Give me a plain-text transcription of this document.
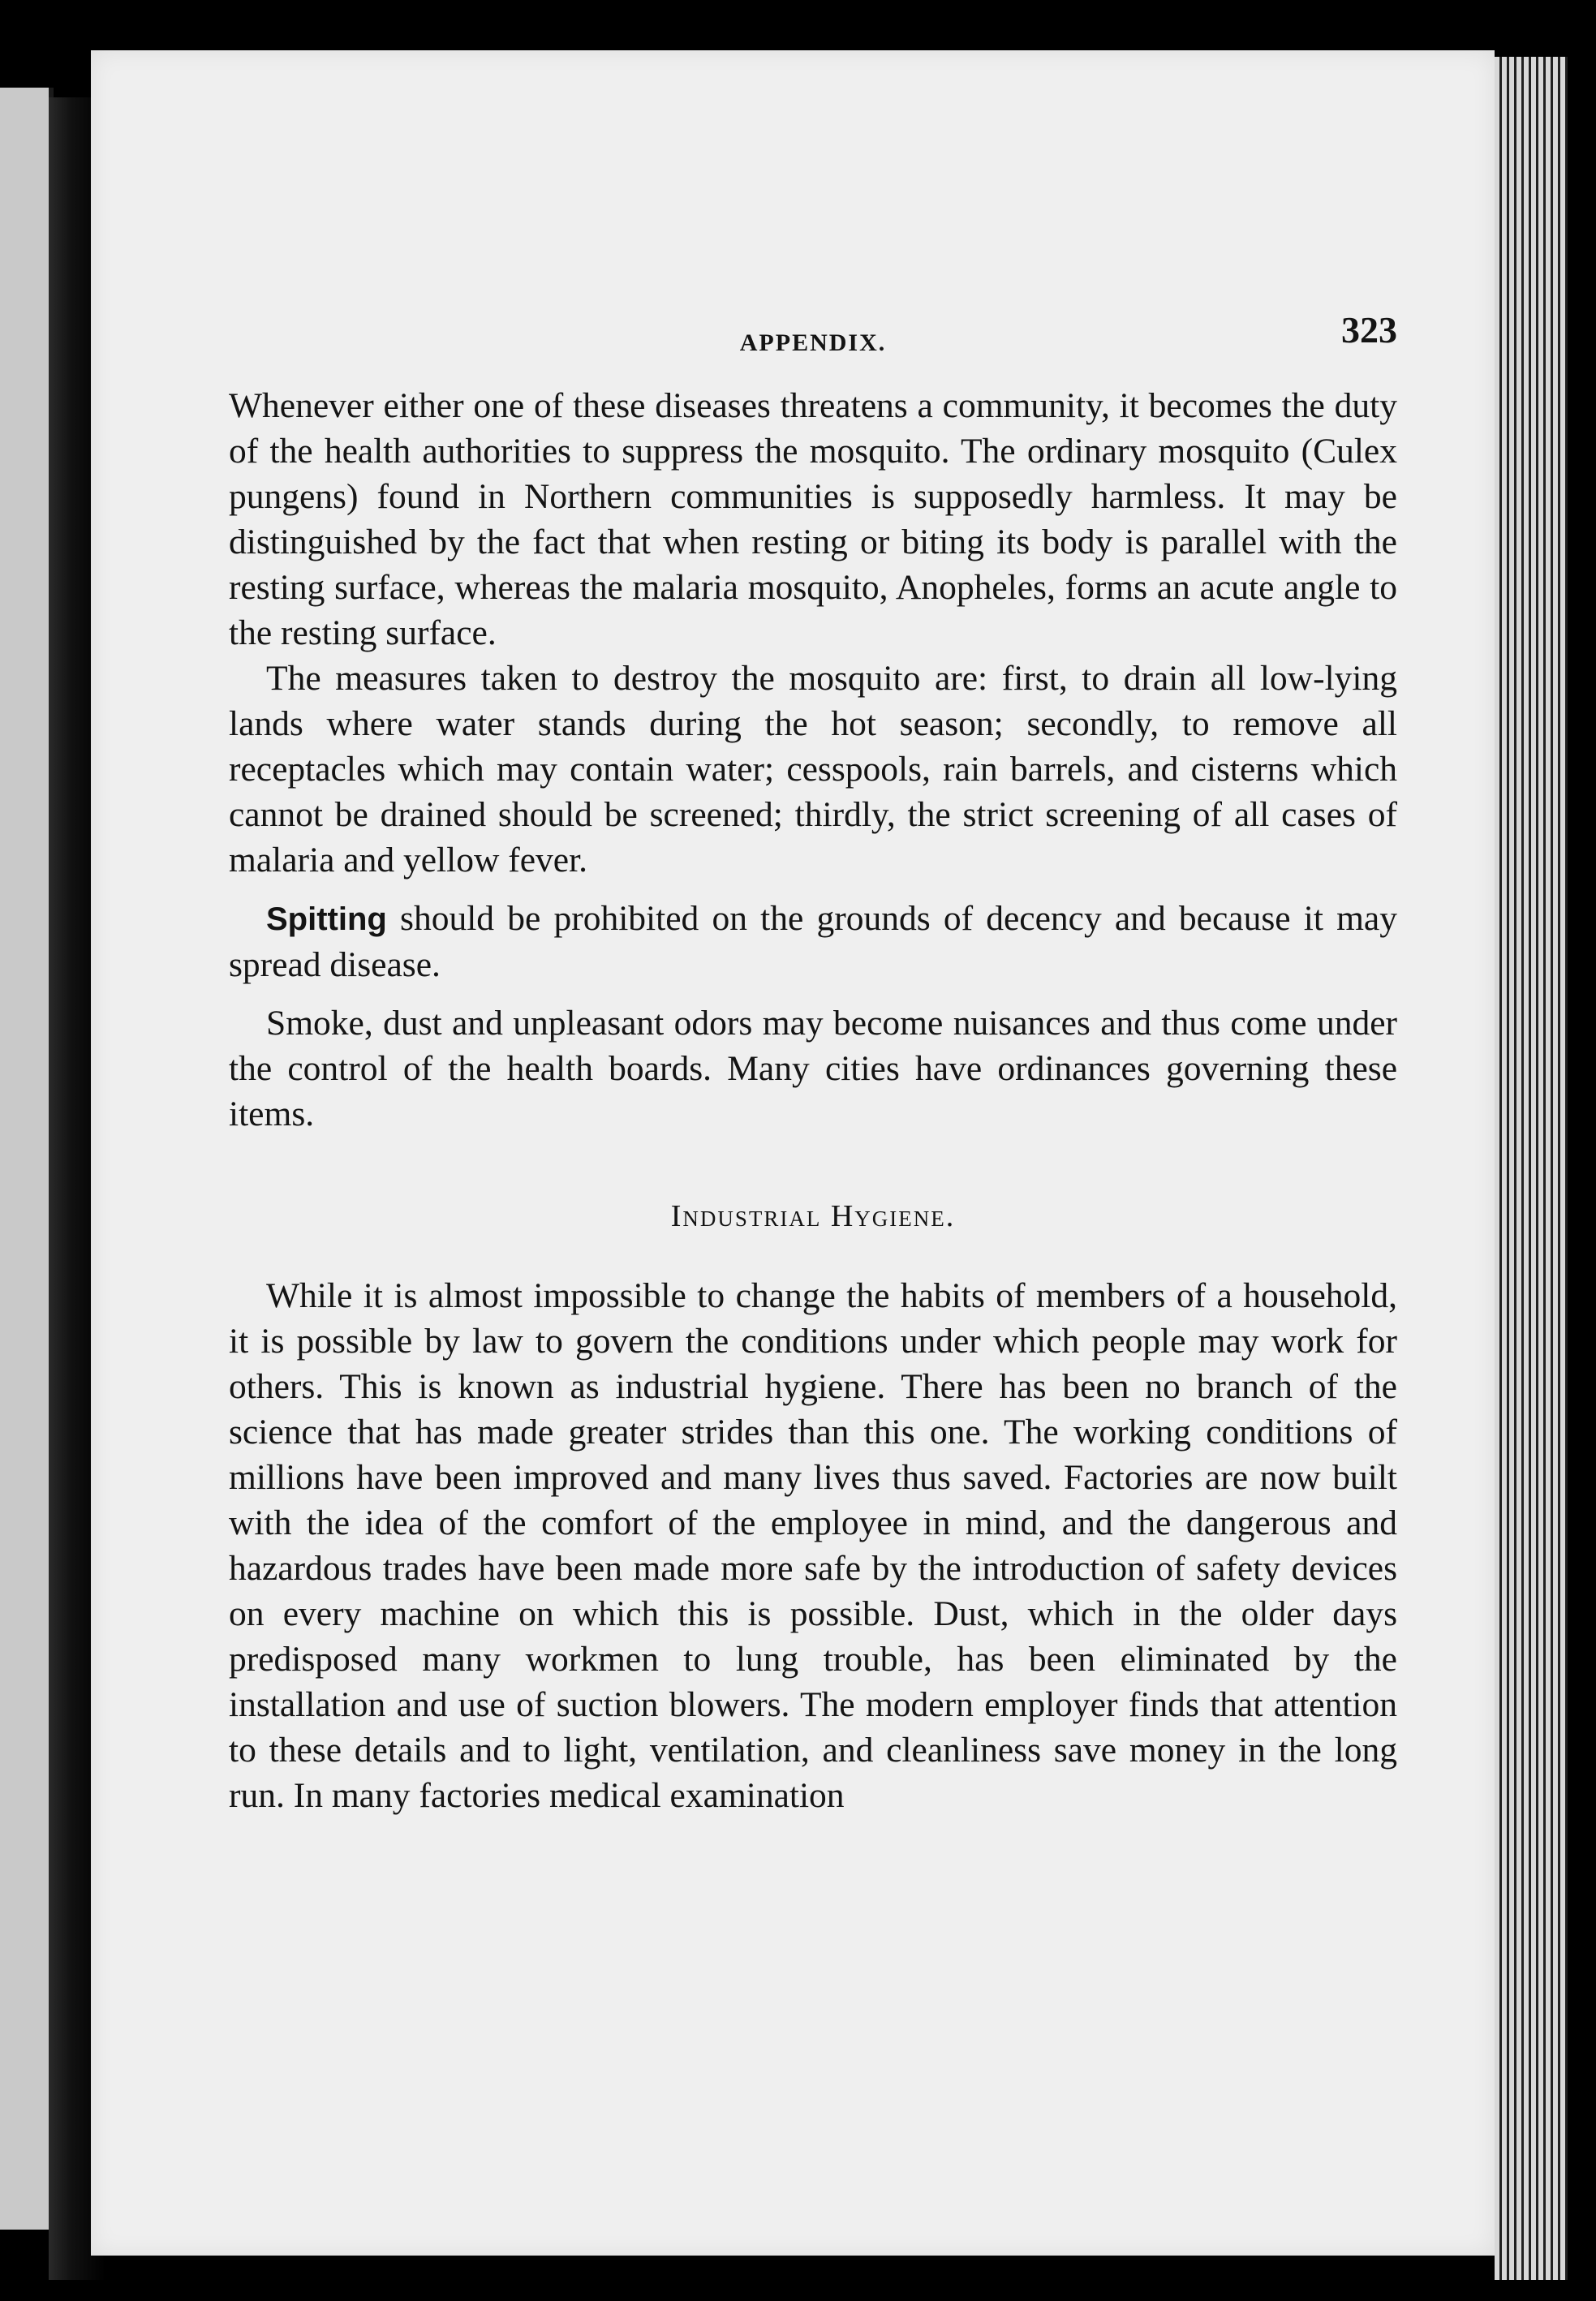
APPENDIX.	323

Whenever either one of these diseases threatens a community, it becomes the duty of the health authorities to suppress the mosquito. The ordinary mosquito (Culex pungens) found in Northern communities is supposedly harmless. It may be distinguished by the fact that when resting or biting its body is parallel with the resting surface, whereas the malaria mosquito, Anopheles, forms an acute angle to the resting surface.

The measures taken to destroy the mosquito are: first, to drain all low-lying lands where water stands during the hot season; secondly, to remove all receptacles which may contain water; cesspools, rain barrels, and cisterns which cannot be drained should be screened; thirdly, the strict screening of all cases of malaria and yellow fever.

Spitting should be prohibited on the grounds of decency and because it may spread disease.

Smoke, dust and unpleasant odors may become nuisances and thus come under the control of the health boards. Many cities have ordinances governing these items.

Industrial Hygiene.

While it is almost impossible to change the habits of members of a household, it is possible by law to govern the conditions under which people may work for others. This is known as industrial hygiene. There has been no branch of the science that has made greater strides than this one. The working conditions of millions have been improved and many lives thus saved. Factories are now built with the idea of the comfort of the employee in mind, and the dangerous and hazardous trades have been made more safe by the introduction of safety devices on every machine on which this is possible. Dust, which in the older days predisposed many workmen to lung trouble, has been eliminated by the installation and use of suction blowers. The modern employer finds that attention to these details and to light, ventilation, and cleanliness save money in the long run. In many factories medical examination
